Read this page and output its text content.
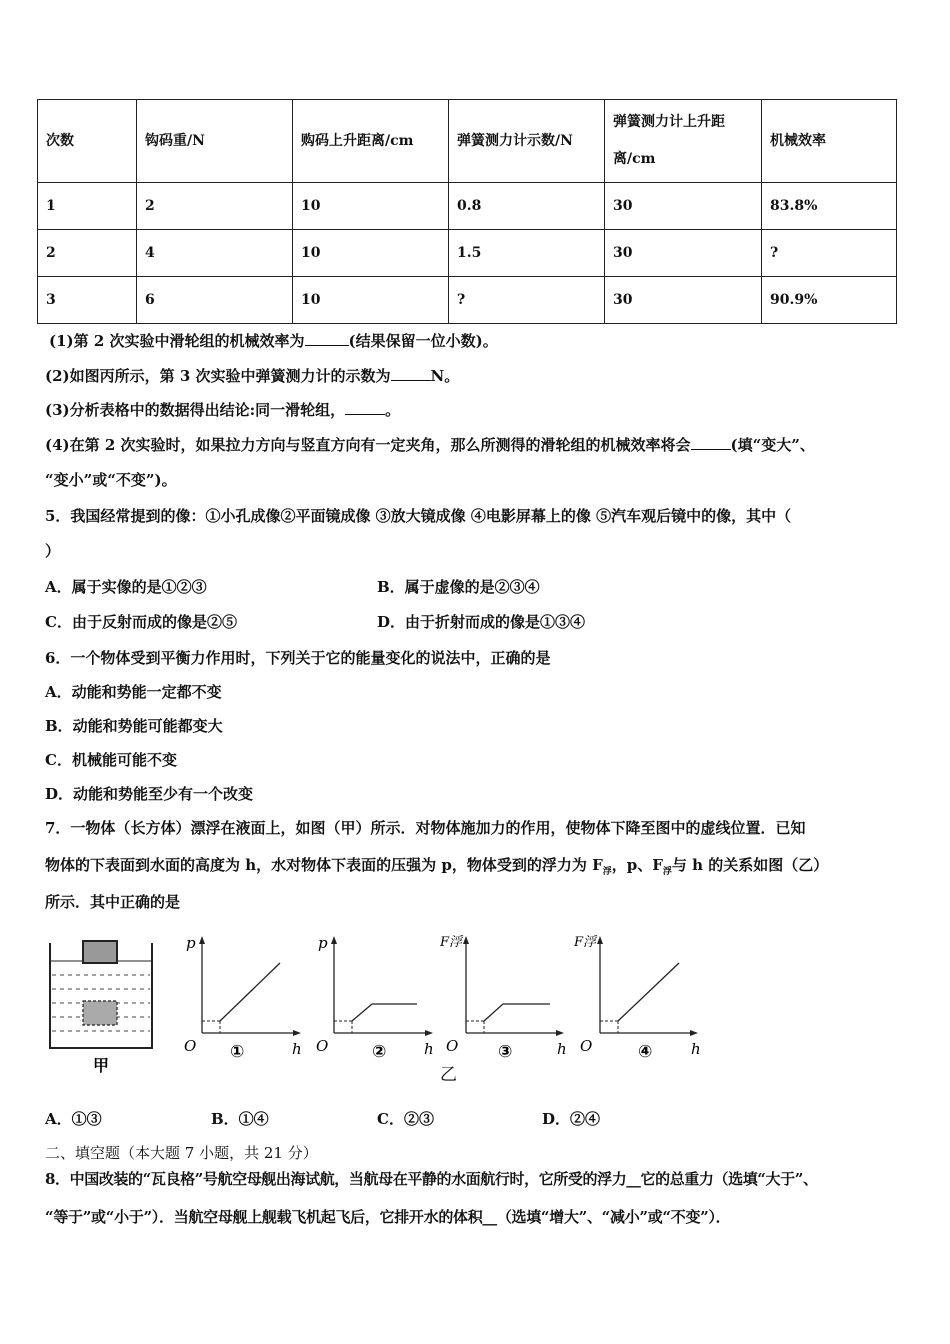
次数	钩码重/N	购码上升距离/cm	弹簧测力计示数/N	弹簧测力计上升距离/cm	机械效率
1	2	10	0.8	30	83.8%
2	4	10	1.5	30	?
3	6	10	?	30	90.9%
(1)第 2 次实验中滑轮组的机械效率为	(结果保留一位小数)。
(2)如图丙所示，第 3 次实验中弹簧测力计的示数为	N。
(3)分析表格中的数据得出结论:同一滑轮组，	。
(4)在第 2 次实验时，如果拉力方向与竖直方向有一定夹角，那么所测得的滑轮组的机械效率将会	(填“变大”、
“变小”或“不变”)。
5．我国经常提到的像：①小孔成像②平面镜成像 ③放大镜成像 ④电影屏幕上的像 ⑤汽车观后镜中的像，其中（
）
A．属于实像的是①②③	B．属于虚像的是②③④
C．由于反射而成的像是②⑤	D．由于折射而成的像是①③④
6．一个物体受到平衡力作用时，下列关于它的能量变化的说法中，正确的是
A．动能和势能一定都不变
B．动能和势能可能都变大
C．机械能可能不变
D．动能和势能至少有一个改变
7．一物体（长方体）漂浮在液面上，如图（甲）所示．对物体施加力的作用，使物体下降至图中的虚线位置．已知
物体的下表面到水面的高度为 h，水对物体下表面的压强为 p，物体受到的浮力为 $F_浮$，p、$F_浮$与 h 的关系如图（乙）
所示．其中正确的是
甲
p
O	h
①
p
O	h
②
乙
F浮
O	h
③
F浮
O	h
④
A．①③	B．①④	C．②③	D．②④
二、填空题（本大题 7 小题，共 21 分）
8．中国改装的“瓦良格”号航空母舰出海试航，当航母在平静的水面航行时，它所受的浮力__它的总重力（选填“大于”、
“等于”或“小于”）．当航空母舰上舰载飞机起飞后，它排开水的体积__（选填“增大”、“减小”或“不变”）．
